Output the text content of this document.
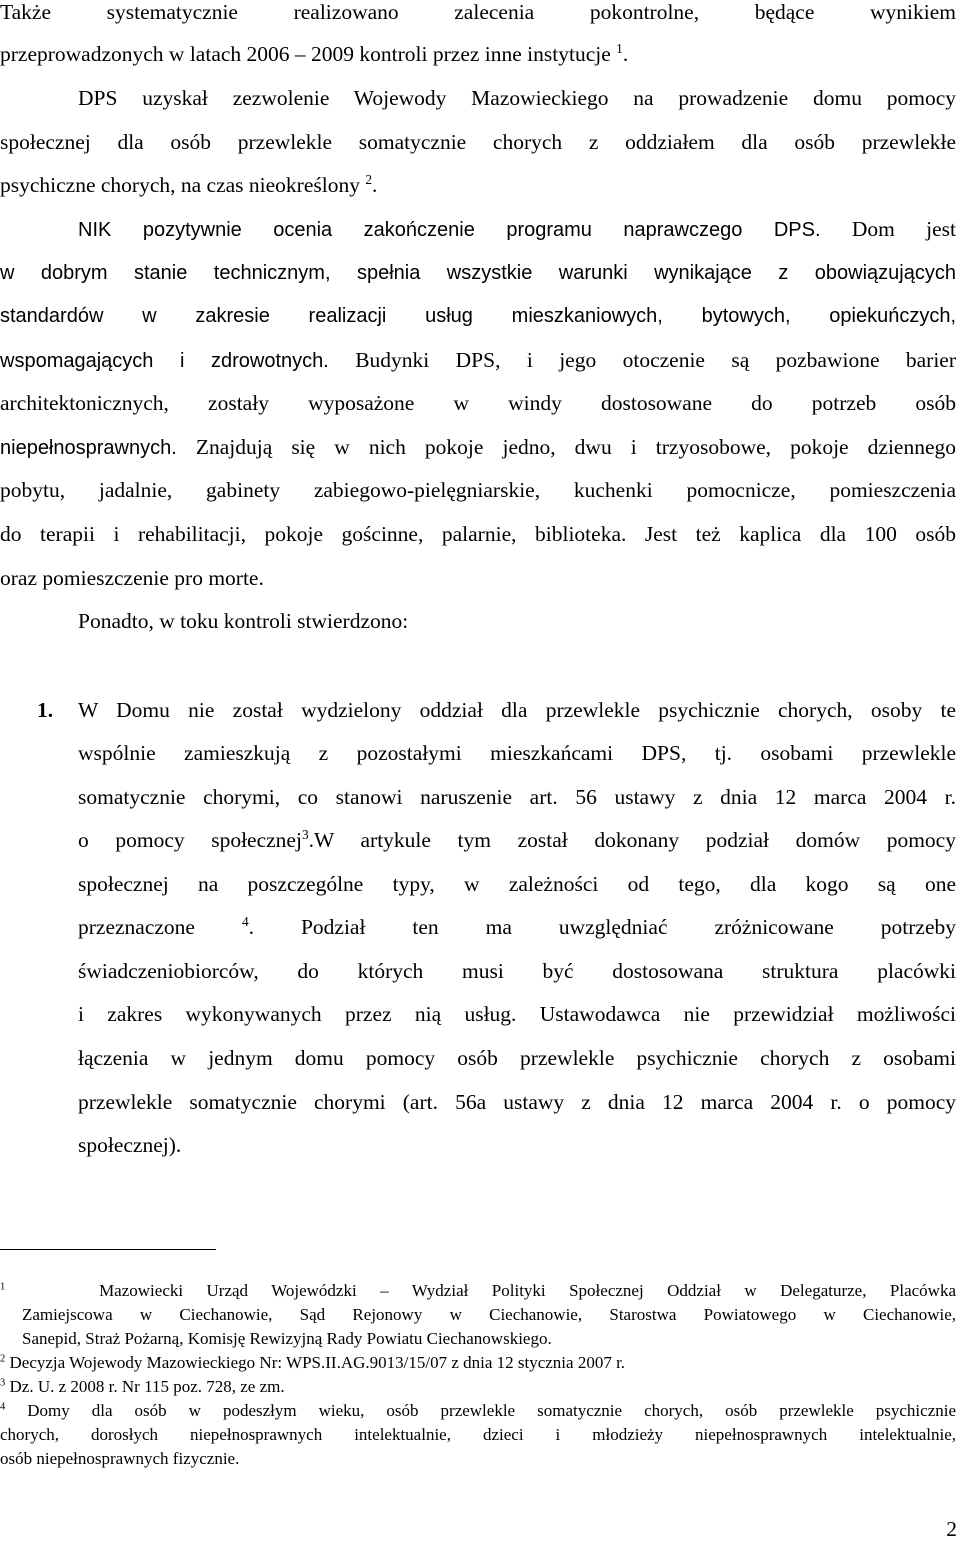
Także systematycznie realizowano zalecenia pokontrolne, będące wynikiem

przeprowadzonych w latach 2006 – 2009 kontroli przez inne instytucje $^1$.

DPS uzyskał zezwolenie Wojewody Mazowieckiego na prowadzenie domu pomocy

społecznej dla osób przewlekle somatycznie chorych z oddziałem dla osób przewlekłe

psychiczne chorych, na czas nieokreślony $^2$.

NIK pozytywnie ocenia zakończenie programu naprawczego DPS. Dom jest

w dobrym stanie technicznym, spełnia wszystkie warunki wynikające z obowiązujących

standardów w zakresie realizacji usług mieszkaniowych, bytowych, opiekuńczych,

wspomagających i zdrowotnych. Budynki DPS, i jego otoczenie są pozbawione barier

architektonicznych, zostały wyposażone w windy dostosowane do potrzeb osób

niepełnosprawnych. Znajdują się w nich pokoje jedno, dwu i trzyosobowe, pokoje dziennego

pobytu, jadalnie, gabinety zabiegowo-pielęgniarskie, kuchenki pomocnicze, pomieszczenia

do terapii i rehabilitacji, pokoje gościnne, palarnie, biblioteka. Jest też kaplica dla 100 osób

oraz pomieszczenie pro morte.

Ponadto, w toku kontroli stwierdzono:

1. W Domu nie został wydzielony oddział dla przewlekle psychicznie chorych, osoby te

wspólnie zamieszkują z pozostałymi mieszkańcami DPS, tj. osobami przewlekle

somatycznie chorymi, co stanowi naruszenie art. 56 ustawy z dnia 12 marca 2004 r.

o pomocy społecznej$^3$.W artykule tym został dokonany podział domów pomocy

społecznej na poszczególne typy, w zależności od tego, dla kogo są one

przeznaczone	$^4$. Podział ten ma uwzględniać zróżnicowane potrzeby

świadczeniobiorców, do których musi być dostosowana struktura placówki

i zakres wykonywanych przez nią usług. Ustawodawca nie przewidział możliwości

łączenia w jednym domu pomocy osób przewlekle psychicznie chorych z osobami

przewlekle somatycznie chorymi (art. 56a ustawy z dnia 12 marca 2004 r. o pomocy

społecznej).

$^1$	Mazowiecki Urząd Wojewódzki – Wydział Polityki Społecznej Oddział w Delegaturze, Placówka

Zamiejscowa w Ciechanowie, Sąd Rejonowy w Ciechanowie, Starostwa Powiatowego w Ciechanowie,

Sanepid, Straż Pożarną, Komisję Rewizyjną Rady Powiatu Ciechanowskiego.

$^2$ Decyzja Wojewody Mazowieckiego Nr: WPS.II.AG.9013/15/07 z dnia 12 stycznia 2007 r.

$^3$ Dz. U. z 2008 r. Nr 115 poz. 728, ze zm.

$^4$ Domy dla osób w podeszłym wieku, osób przewlekle somatycznie chorych, osób przewlekle psychicznie

chorych, dorosłych niepełnosprawnych intelektualnie, dzieci i młodzieży niepełnosprawnych intelektualnie,

osób niepełnosprawnych fizycznie.

2
